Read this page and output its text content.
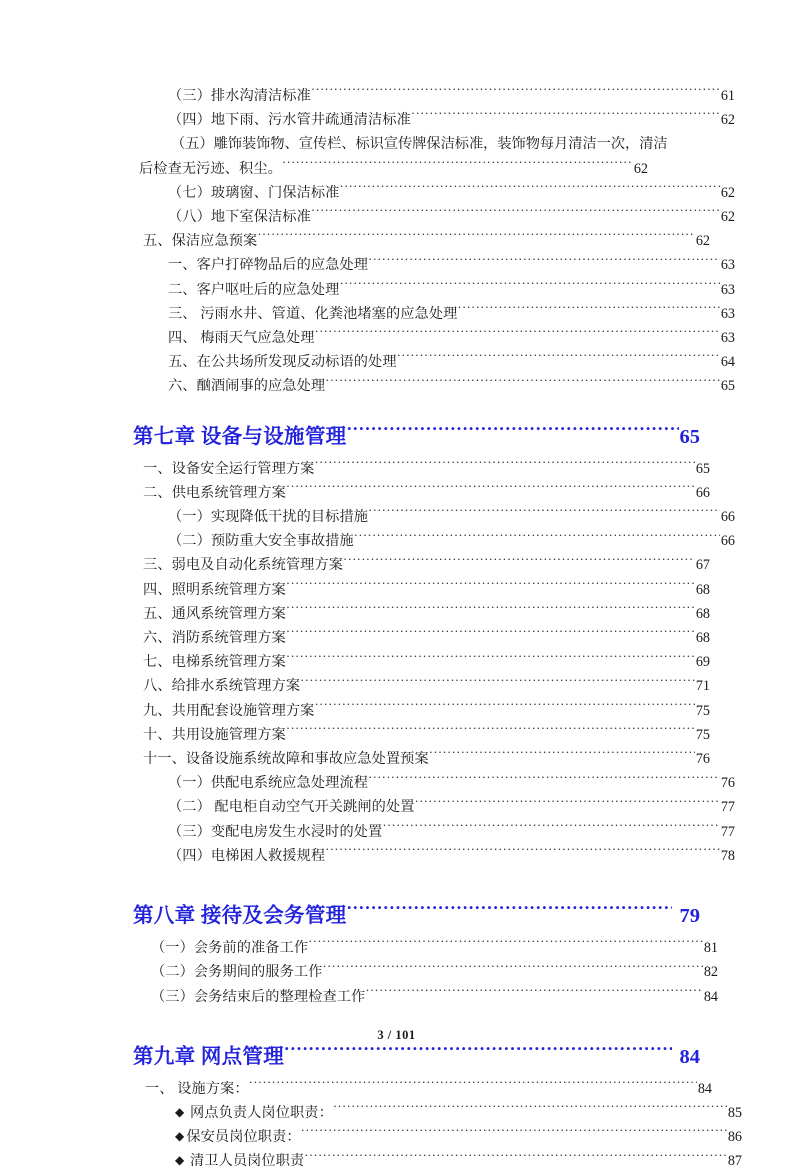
（三）排水沟清洁标准 .....	61
（四）地下雨、污水管井疏通清洁标准 .....	62
（五）雕饰装饰物、宣传栏、标识宣传牌保洁标准，装饰物每月清洁一次，清洁
后检查无污迹、积尘。 .....	62
（七）玻璃窗、门保洁标准 .....	62
（八）地下室保洁标准 .....	62
五、保洁应急预案 .....	62
一、客户打碎物品后的应急处理 .....	63
二、客户呕吐后的应急处理 .....	63
三、 污雨水井、管道、化粪池堵塞的应急处理 .....	63
四、 梅雨天气应急处理 .....	63
五、在公共场所发现反动标语的处理 .....	64
六、酗酒闹事的应急处理 .....	65
第七章 设备与设施管理 .....	65
一、设备安全运行管理方案 .....	65
二、供电系统管理方案 .....	66
（一）实现降低干扰的目标措施 .....	66
（二）预防重大安全事故措施 .....	66
三、弱电及自动化系统管理方案 .....	67
四、照明系统管理方案 .....	68
五、通风系统管理方案 .....	68
六、消防系统管理方案 .....	68
七、电梯系统管理方案 .....	69
八、给排水系统管理方案 .....	71
九、共用配套设施管理方案 .....	75
十、共用设施管理方案 .....	75
十一、设备设施系统故障和事故应急处置预案 .....	76
（一）供配电系统应急处理流程 .....	76
（二） 配电柜自动空气开关跳闸的处置 .....	77
（三）变配电房发生水浸时的处置 .....	77
（四）电梯困人救援规程 .....	78
第八章 接待及会务管理 .....	79
（一）会务前的准备工作 .....	81
（二）会务期间的服务工作 .....	82
（三）会务结束后的整理检查工作 .....	84
第九章 网点管理 .....	84
一、 设施方案： .....	84
◆ 网点负责人岗位职责： .....	85
◆ 保安员岗位职责： .....	86
◆ 清卫人员岗位职责 .....	87
3 / 101
